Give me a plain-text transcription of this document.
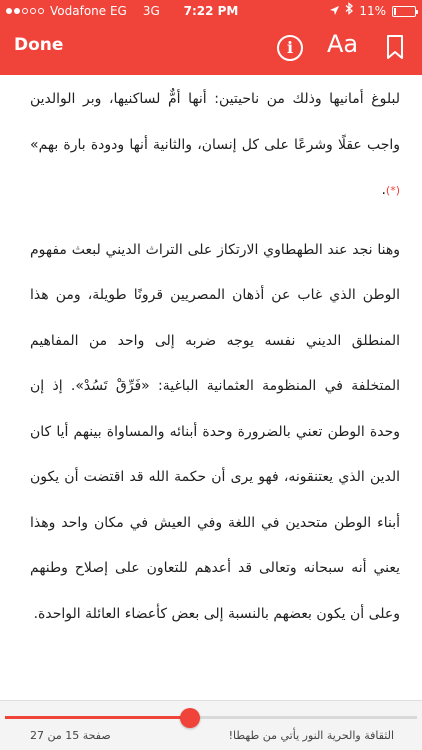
Vodafone EG 3G	7:22 PM	11%
Done	i	Aa

لبلوغ أمانيها وذلك من ناحيتين: أنها أمٌّ لساكنيها، وبر الوالدين واجب عقلًا وشرعًا على كل إنسان، والثانية أنها ودودة بارة بهم» (*).

وهنا نجد عند الطهطاوي الارتكاز على التراث الديني لبعث مفهوم الوطن الذي غاب عن أذهان المصريين قرونًا طويلة، ومن هذا المنطلق الديني نفسه يوجه ضربه إلى واحد من المفاهيم المتخلفة في المنظومة العثمانية الباغية: «فَرِّقْ تَسُدْ». إذ إن وحدة الوطن تعني بالضرورة وحدة أبنائه والمساواة بينهم أيا كان الدين الذي يعتنقونه، فهو يرى أن حكمة الله قد اقتضت أن يكون أبناء الوطن متحدين في اللغة وفي العيش في مكان واحد وهذا يعني أنه سبحانه وتعالى قد أعدهم للتعاون على إصلاح وطنهم وعلى أن يكون بعضهم بالنسبة إلى بعض كأعضاء العائلة الواحدة.

صفحة 15 من 27	الثقافة والحرية النور يأتي من طهطا!
